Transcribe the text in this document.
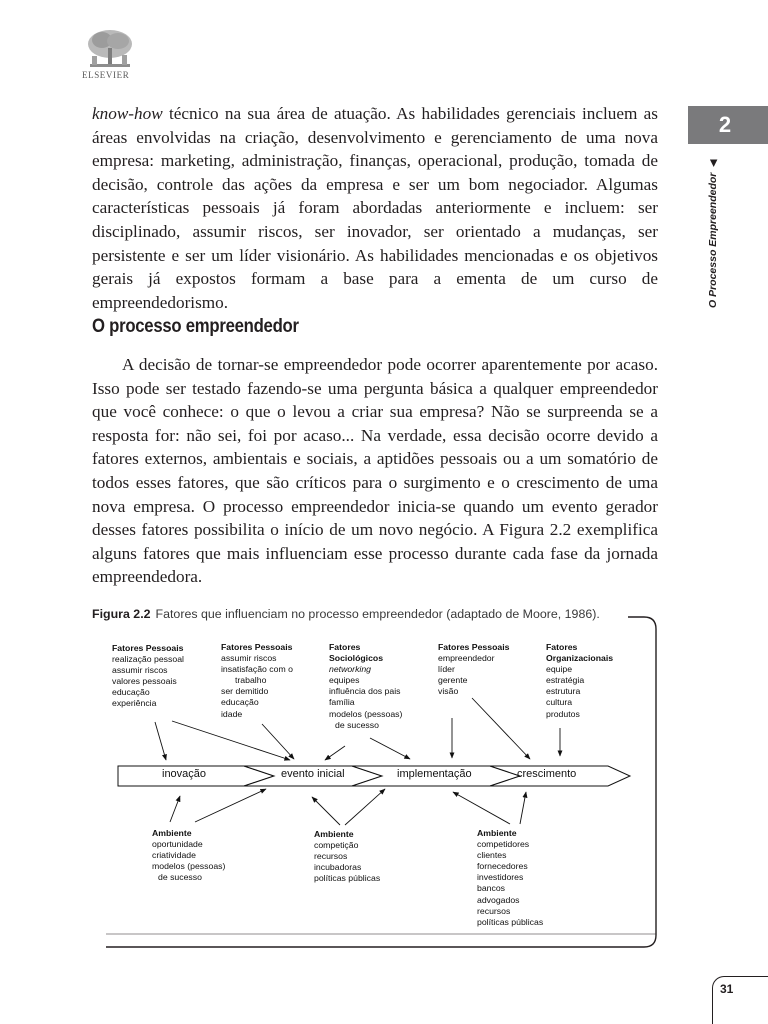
ELSEVIER
2
O Processo Empreendedor◀

know-how técnico na sua área de atuação. As habilidades gerenciais incluem as áreas envolvidas na criação, desenvolvimento e gerenciamento de uma nova empresa: marketing, administração, finanças, operacional, produção, tomada de decisão, controle das ações da empresa e ser um bom negociador. Algumas características pessoais já foram abordadas anteriormente e incluem: ser disciplinado, assumir riscos, ser inovador, ser orientado a mudanças, ser persistente e ser um líder visionário. As habilidades mencionadas e os objetivos gerais já expostos formam a base para a ementa de um curso de empreendedorismo.

O processo empreendedor

A decisão de tornar-se empreendedor pode ocorrer aparentemente por acaso. Isso pode ser testado fazendo-se uma pergunta básica a qualquer empreendedor que você conhece: o que o levou a criar sua empresa? Não se surpreenda se a resposta for: não sei, foi por acaso... Na verdade, essa decisão ocorre devido a fatores externos, ambientais e sociais, a aptidões pessoais ou a um somatório de todos esses fatores, que são críticos para o surgimento e o crescimento de uma nova empresa. O processo empreendedor inicia-se quando um evento gerador desses fatores possibilita o início de um novo negócio. A Figura 2.2 exemplifica alguns fatores que mais influenciam esse processo durante cada fase da jornada empreendedora.

Figura 2.2 Fatores que influenciam no processo empreendedor (adaptado de Moore, 1986).
inovação	evento inicial	implementação	crescimento
Fatores Pessoais
realização pessoal
assumir riscos
valores pessoais
educação
experiência
Fatores Pessoais
assumir riscos
insatisfação com o
trabalho
ser demitido
educação
idade
Fatores
Sociológicos
networking
equipes
influência dos pais
família
modelos (pessoas)
de sucesso
Fatores Pessoais
empreendedor
líder
gerente
visão
Fatores
Organizacionais
equipe
estratégia
estrutura
cultura
produtos
Ambiente
oportunidade
criatividade
modelos (pessoas)
de sucesso
Ambiente
competição
recursos
incubadoras
políticas públicas
Ambiente
competidores
clientes
fornecedores
investidores
bancos
advogados
recursos
políticas públicas
31
